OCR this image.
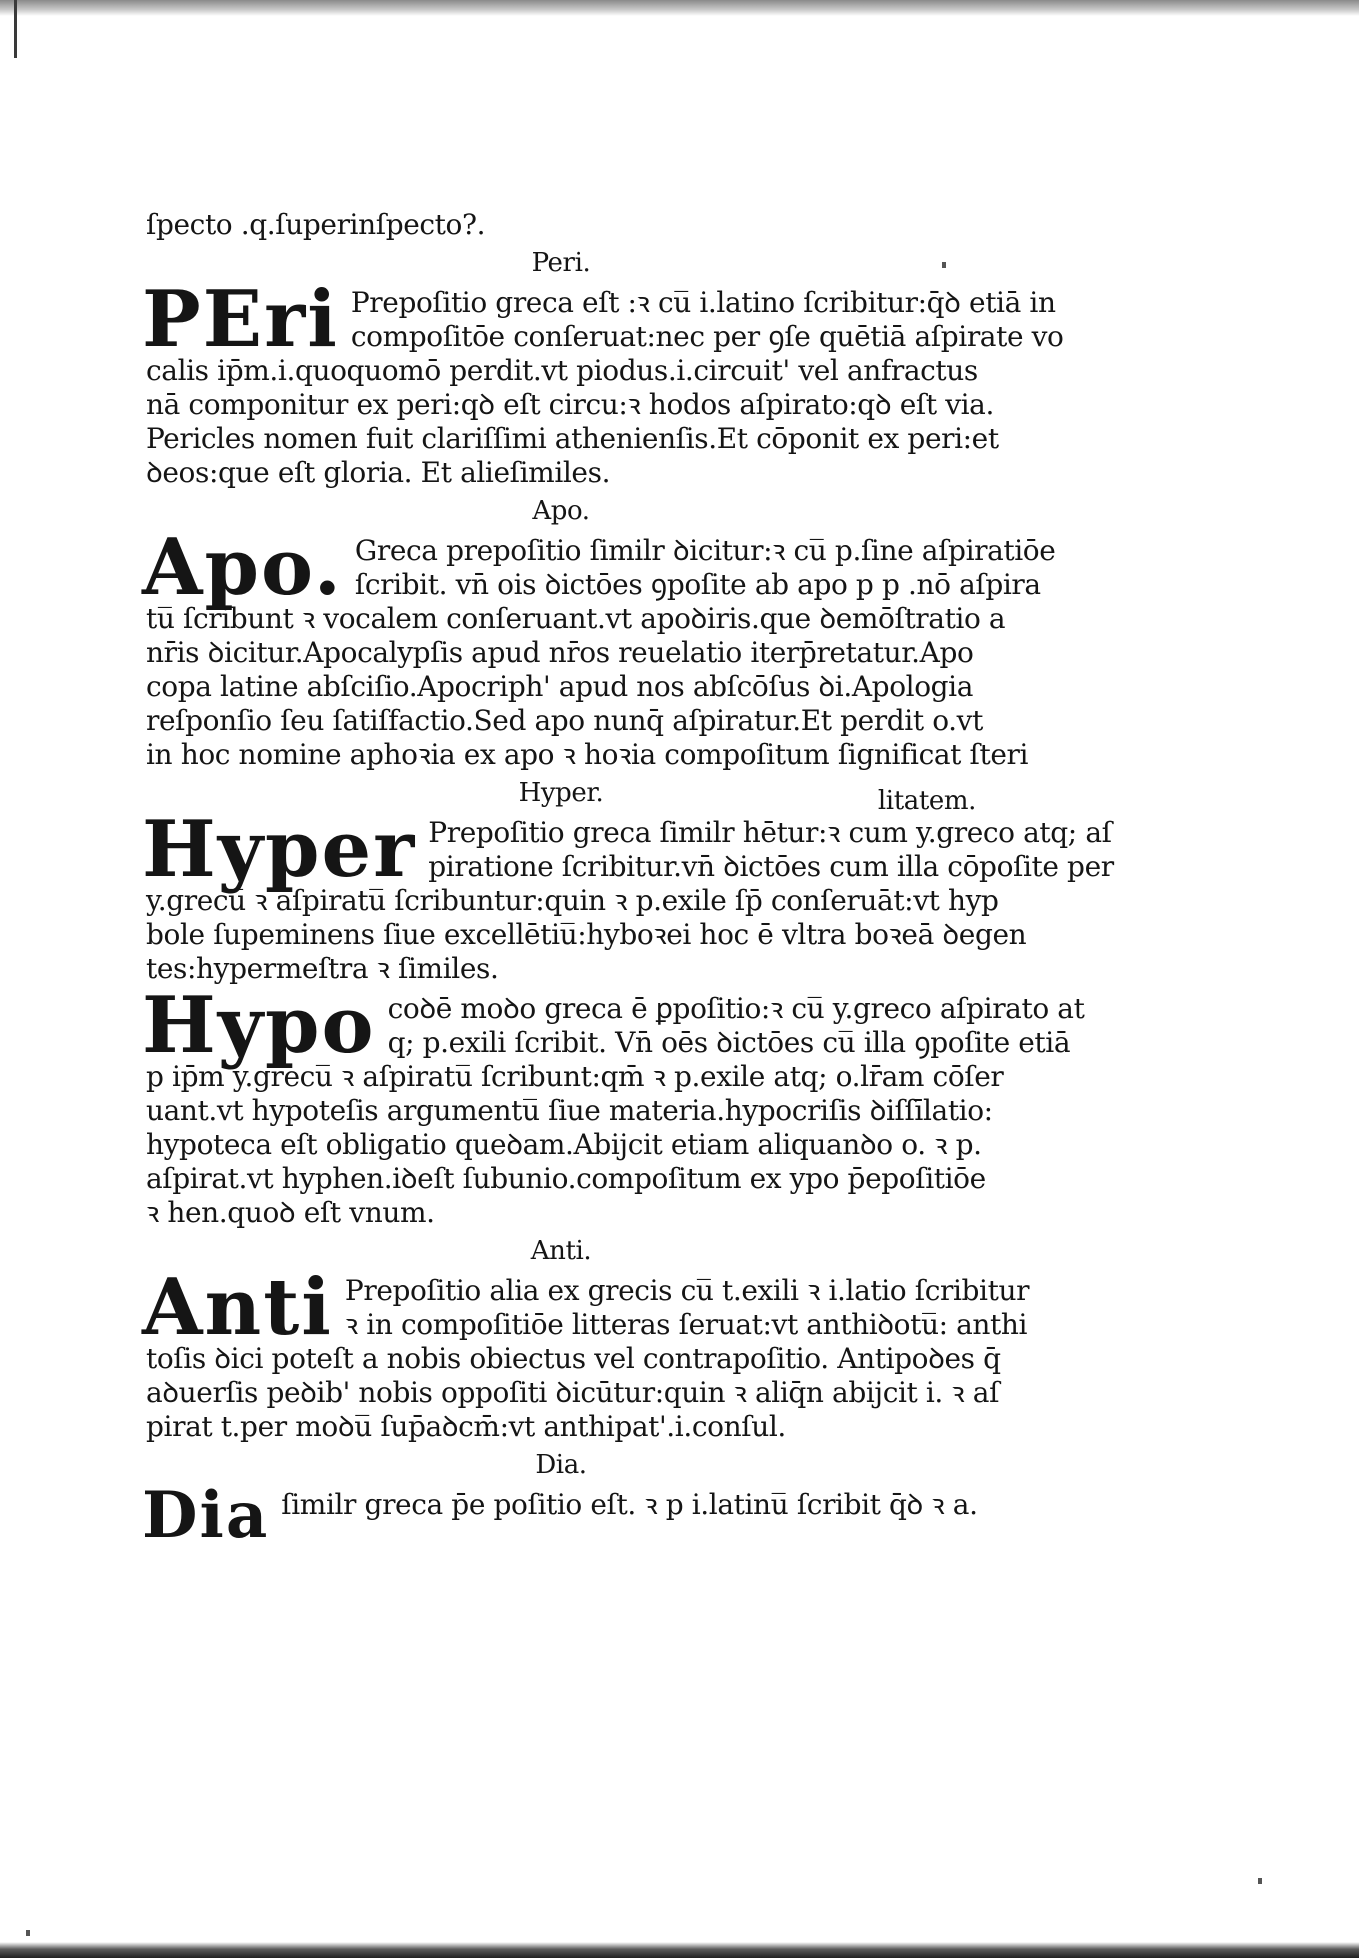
ſpecto .q.ſuperinſpecto?.
Peri.
PEri Prepoſitio greca eſt :ꝛ cu̅ i.latino ſcribitur:q̄ꝺ etiā in
compoſitōe conſeruat:nec per ꝯſe quētiā aſpirate vo
calis ip̄m.i.quoquomō perdit.vt piodus.i.circuit' vel anfractus
nā componitur ex peri:qꝺ eſt circu:ꝛ hodos aſpirato:qꝺ eſt via.
Pericles nomen fuit clariſſimi athenienſis.Et cōponit ex peri:et
ꝺeos:que eſt gloria. Et alieſimiles.
Apo.
Apo. Greca prepoſitio ſimilr ꝺicitur:ꝛ cu̅ p.ſine aſpiratiōe
ſcribit. vn̄ ois ꝺictōes ꝯpoſite ab apo p p .nō aſpira
tu̅ ſcribunt ꝛ vocalem conſeruant.vt apoꝺiris.que ꝺemōſtratio a
nr̄is ꝺicitur.Apocalypſis apud nr̄os reuelatio iterp̄retatur.Apo
copa latine abſciſio.Apocriph' apud nos abſcōſus ꝺi.Apologia
reſponſio ſeu ſatiſfactio.Sed apo nunq̄ aſpiratur.Et perdit o.vt
in hoc nomine aphoꝛia ex apo ꝛ hoꝛia compoſitum ſignificat ſteri
Hyper.	litatem.
Hyper Prepoſitio greca ſimilr hētur:ꝛ cum y.greco atq; aſ
piratione ſcribitur.vn̄ ꝺictōes cum illa cōpoſite per
y.grecu̅ ꝛ aſpiratu̅ ſcribuntur:quin ꝛ p.exile ſp̄ conſeruāt:vt hyp
bole ſupeminens ſiue excellētiu̅:hyboꝛei hoc ē vltra boꝛeā ꝺegen
tes:hypermeſtra ꝛ ſimiles.
Hypo coꝺē moꝺo greca ē ꝑpoſitio:ꝛ cu̅ y.greco aſpirato at
q; p.exili ſcribit. Vn̄ oēs ꝺictōes cu̅ illa ꝯpoſite etiā
p ip̄m y.grecu̅ ꝛ aſpiratu̅ ſcribunt:qm̄ ꝛ p.exile atq; o.lr̄am cōſer
uant.vt hypoteſis argumentu̅ ſiue materia.hypocriſis ꝺiſſīlatio:
hypoteca eſt obligatio queꝺam.Abijcit etiam aliquanꝺo o. ꝛ p.
aſpirat.vt hyphen.iꝺeſt ſubunio.compoſitum ex ypo p̄epoſitiōe
ꝛ hen.quoꝺ eſt vnum.
Anti.
Anti Prepoſitio alia ex grecis cu̅ t.exili ꝛ i.latio ſcribitur
ꝛ in compoſitiōe litteras ſeruat:vt anthiꝺotu̅: anthi
toſis ꝺici poteſt a nobis obiectus vel contrapoſitio. Antipoꝺes q̄
aꝺuerſis peꝺib' nobis oppoſiti ꝺicūtur:quin ꝛ aliq̄n abijcit i. ꝛ aſ
pirat t.per moꝺu̅ ſup̄aꝺcm̄:vt anthipat'.i.conſul.
Dia.
Dia ſimilr greca p̄e poſitio eſt. ꝛ p i.latinu̅ ſcribit q̄ꝺ ꝛ a.
